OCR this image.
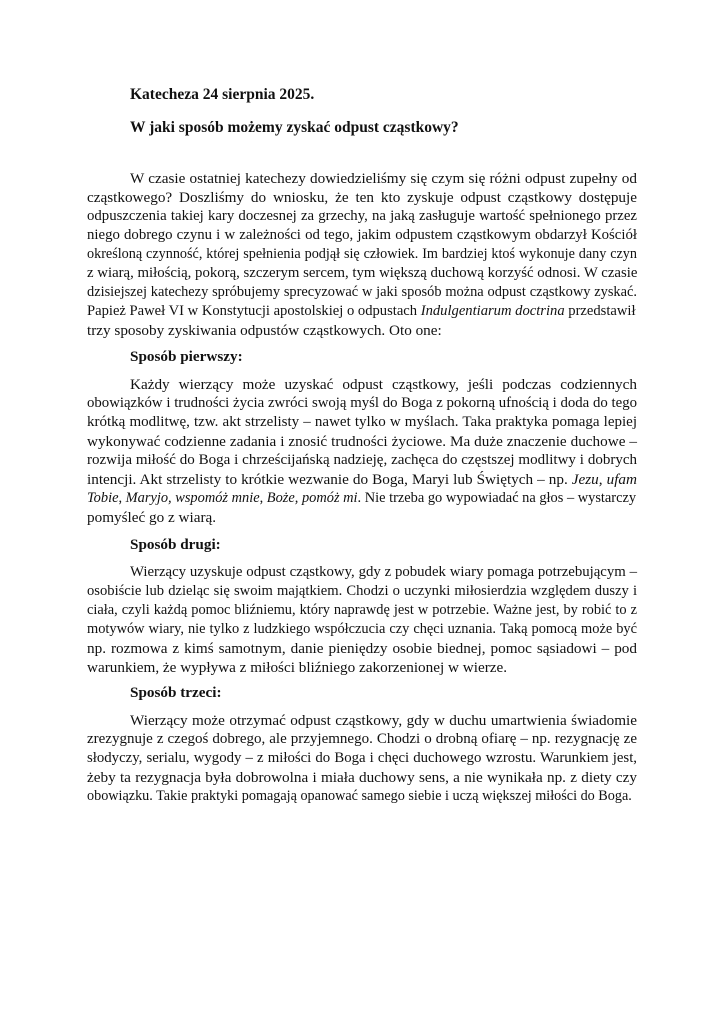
Katecheza 24 sierpnia 2025.
W jaki sposób możemy zyskać odpust cząstkowy?
W czasie ostatniej katechezy dowiedzieliśmy się czym się różni odpust zupełny od
cząstkowego? Doszliśmy do wniosku, że ten kto zyskuje odpust cząstkowy dostępuje
odpuszczenia takiej kary doczesnej za grzechy, na jaką zasługuje wartość spełnionego przez
niego dobrego czynu i w zależności od tego, jakim odpustem cząstkowym obdarzył Kościół
określoną czynność, której spełnienia podjął się człowiek. Im bardziej ktoś wykonuje dany czyn
z wiarą, miłością, pokorą, szczerym sercem, tym większą duchową korzyść odnosi. W czasie
dzisiejszej katechezy spróbujemy sprecyzować w jaki sposób można odpust cząstkowy zyskać.
Papież Paweł VI w Konstytucji apostolskiej o odpustach Indulgentiarum doctrina przedstawił
trzy sposoby zyskiwania odpustów cząstkowych. Oto one:
Sposób pierwszy:
Każdy wierzący może uzyskać odpust cząstkowy, jeśli podczas codziennych
obowiązków i trudności życia zwróci swoją myśl do Boga z pokorną ufnością i doda do tego
krótką modlitwę, tzw. akt strzelisty – nawet tylko w myślach. Taka praktyka pomaga lepiej
wykonywać codzienne zadania i znosić trudności życiowe. Ma duże znaczenie duchowe –
rozwija miłość do Boga i chrześcijańską nadzieję, zachęca do częstszej modlitwy i dobrych
intencji. Akt strzelisty to krótkie wezwanie do Boga, Maryi lub Świętych – np. Jezu, ufam
Tobie, Maryjo, wspomóż mnie, Boże, pomóż mi. Nie trzeba go wypowiadać na głos – wystarczy
pomyśleć go z wiarą.
Sposób drugi:
Wierzący uzyskuje odpust cząstkowy, gdy z pobudek wiary pomaga potrzebującym –
osobiście lub dzieląc się swoim majątkiem. Chodzi o uczynki miłosierdzia względem duszy i
ciała, czyli każdą pomoc bliźniemu, który naprawdę jest w potrzebie. Ważne jest, by robić to z
motywów wiary, nie tylko z ludzkiego współczucia czy chęci uznania. Taką pomocą może być
np. rozmowa z kimś samotnym, danie pieniędzy osobie biednej, pomoc sąsiadowi – pod
warunkiem, że wypływa z miłości bliźniego zakorzenionej w wierze.
Sposób trzeci:
Wierzący może otrzymać odpust cząstkowy, gdy w duchu umartwienia świadomie
zrezygnuje z czegoś dobrego, ale przyjemnego. Chodzi o drobną ofiarę – np. rezygnację ze
słodyczy, serialu, wygody – z miłości do Boga i chęci duchowego wzrostu. Warunkiem jest,
żeby ta rezygnacja była dobrowolna i miała duchowy sens, a nie wynikała np. z diety czy
obowiązku. Takie praktyki pomagają opanować samego siebie i uczą większej miłości do Boga.
